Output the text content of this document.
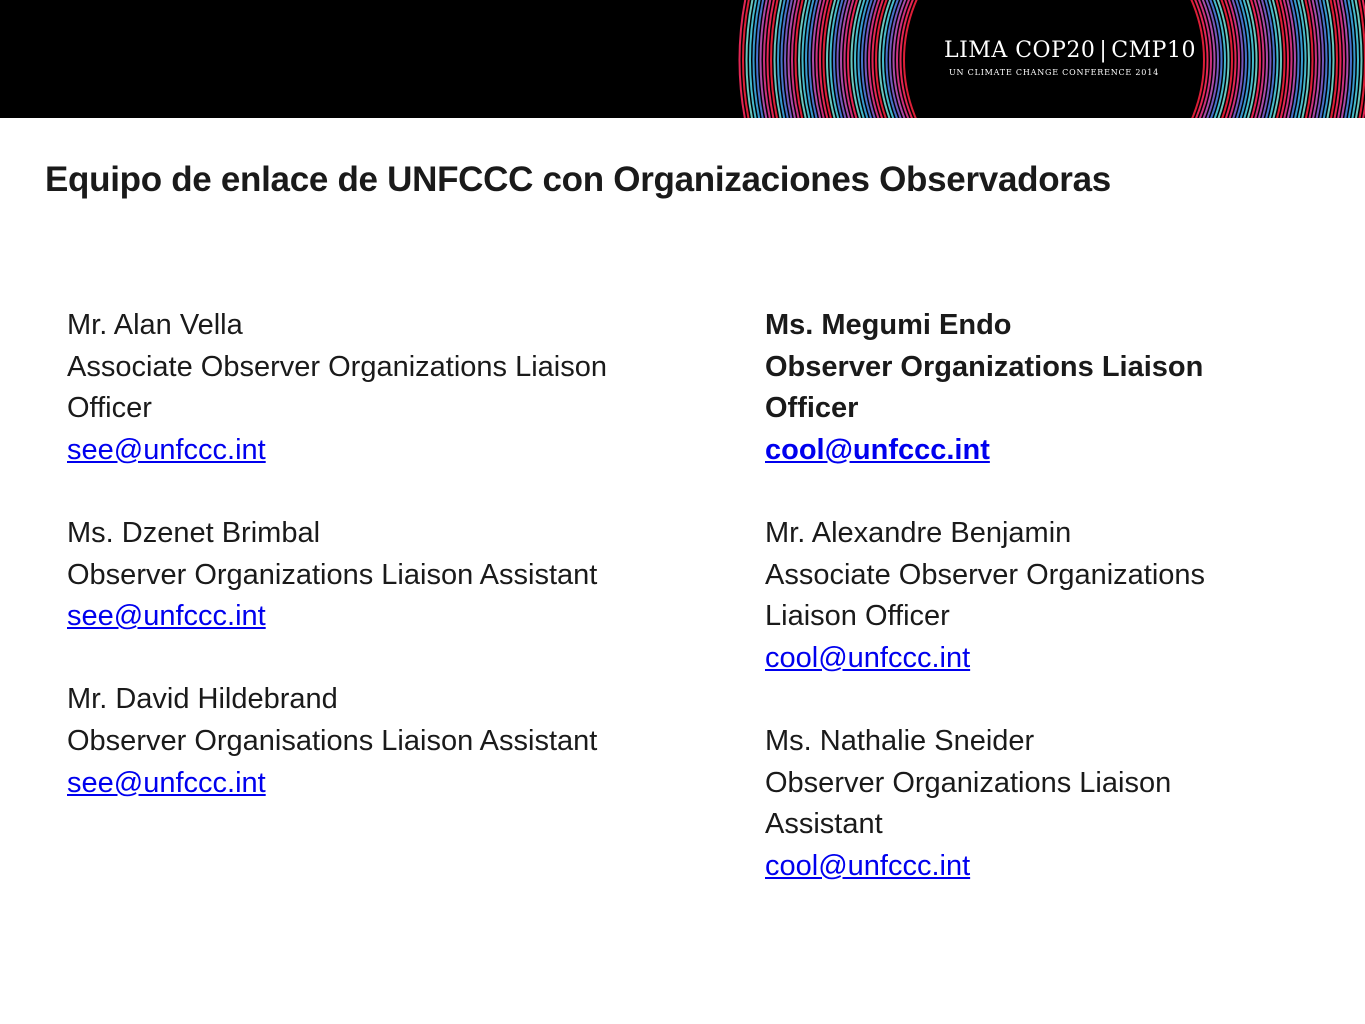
LIMA COP20 | CMP10
UN CLIMATE CHANGE CONFERENCE 2014
Equipo de enlace de UNFCCC con Organizaciones Observadoras
Mr. Alan Vella
Associate Observer Organizations Liaison
Officer
see@unfccc.int
Ms. Dzenet Brimbal
Observer Organizations Liaison Assistant
see@unfccc.int
Mr. David Hildebrand
Observer Organisations Liaison Assistant
see@unfccc.int
Ms. Megumi Endo
Observer Organizations Liaison
Officer
cool@unfccc.int
Mr. Alexandre Benjamin
Associate Observer Organizations
Liaison Officer
cool@unfccc.int
Ms. Nathalie Sneider
Observer Organizations Liaison
Assistant
cool@unfccc.int
